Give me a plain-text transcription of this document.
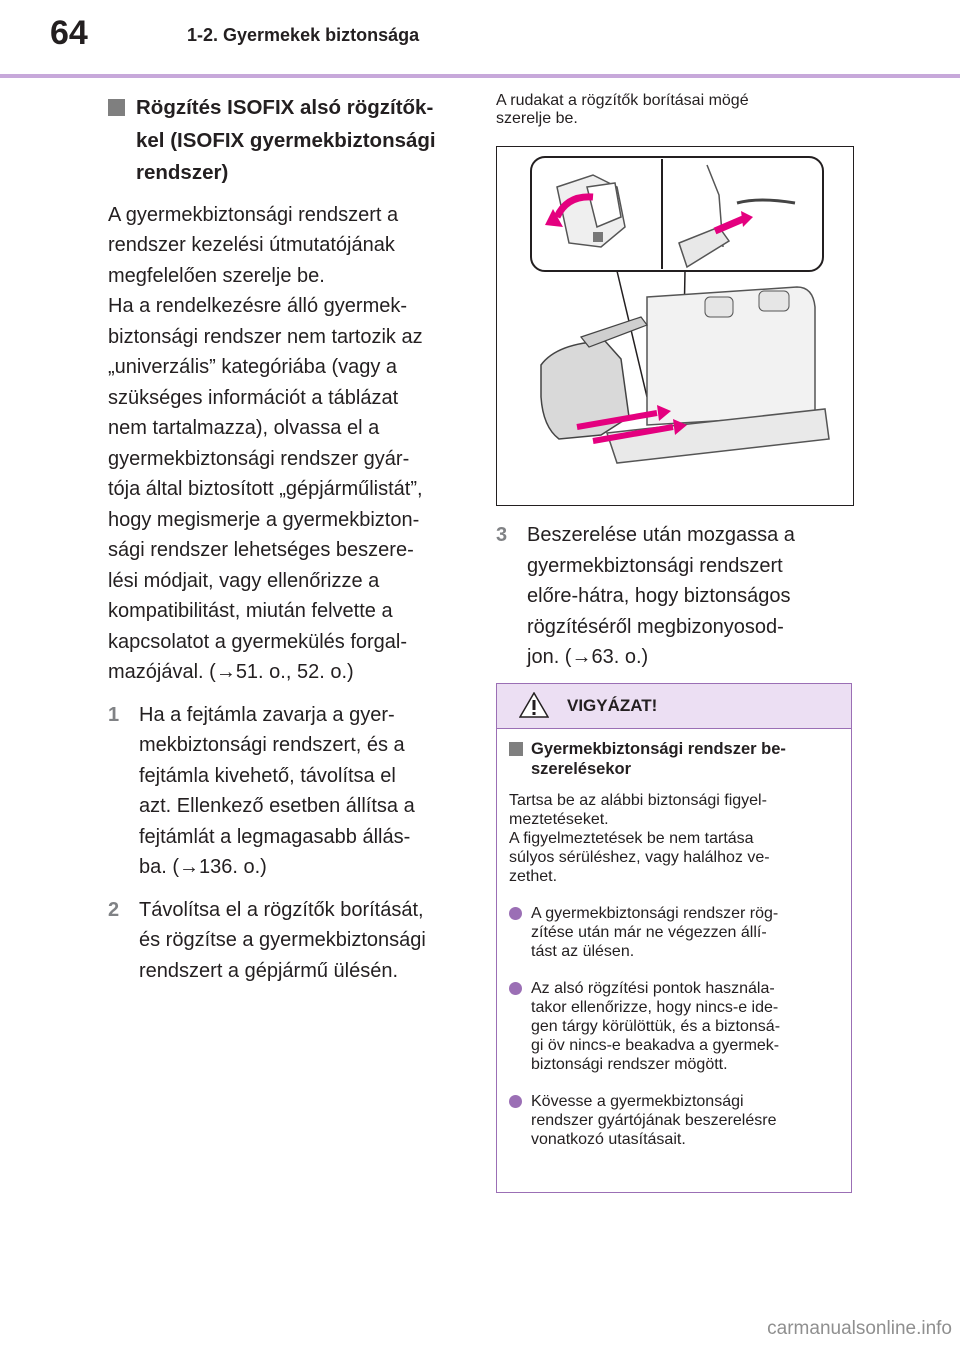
64	1-2. Gyermekek biztonsága
Rögzítés ISOFIX alsó rögzítők-
kel (ISOFIX gyermekbiztonsági
rendszer)
A gyermekbiztonsági rendszert a
rendszer kezelési útmutatójának
megfelelően szerelje be.
Ha a rendelkezésre álló gyermek-
biztonsági rendszer nem tartozik az
„univerzális” kategóriába (vagy a
szükséges információt a táblázat
nem tartalmazza), olvassa el a
gyermekbiztonsági rendszer gyár-
tója által biztosított „gépjárműlistát”,
hogy megismerje a gyermekbizton-
sági rendszer lehetséges beszere-
lési módjait, vagy ellenőrizze a
kompatibilitást, miután felvette a
kapcsolatot a gyermekülés forgal-
mazójával. (→51. o., 52. o.)
1 Ha a fejtámla zavarja a gyer-
mekbiztonsági rendszert, és a
fejtámla kivehető, távolítsa el
azt. Ellenkező esetben állítsa a
fejtámlát a legmagasabb állás-
ba. (→136. o.)
2 Távolítsa el a rögzítők borítását,
és rögzítse a gyermekbiztonsági
rendszert a gépjármű ülésén.
A rudakat a rögzítők borításai mögé
szerelje be.
3 Beszerelése után mozgassa a
gyermekbiztonsági rendszert
előre-hátra, hogy biztonságos
rögzítéséről megbizonyosod-
jon. (→63. o.)
VIGYÁZAT!
Gyermekbiztonsági rendszer be-
szerelésekor
Tartsa be az alábbi biztonsági figyel-
meztetéseket.
A figyelmeztetések be nem tartása
súlyos sérüléshez, vagy halálhoz ve-
zethet.
A gyermekbiztonsági rendszer rög-
zítése után már ne végezzen állí-
tást az ülésen.
Az alsó rögzítési pontok használa-
takor ellenőrizze, hogy nincs-e ide-
gen tárgy körülöttük, és a biztonsá-
gi öv nincs-e beakadva a gyermek-
biztonsági rendszer mögött.
Kövesse a gyermekbiztonsági
rendszer gyártójának beszerelésre
vonatkozó utasításait.
carmanualsonline.info
